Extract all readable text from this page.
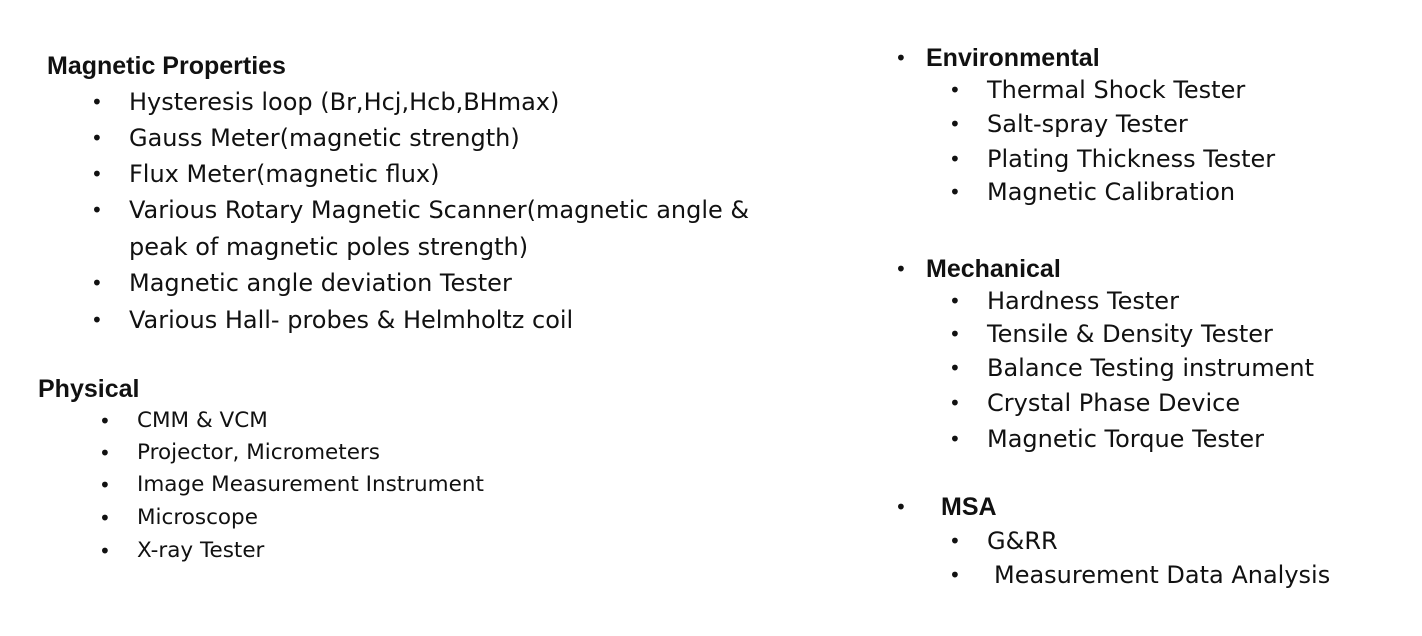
Magnetic Properties
• Hysteresis loop (Br,Hcj,Hcb,BHmax)
• Gauss Meter(magnetic strength)
• Flux Meter(magnetic flux)
• Various Rotary Magnetic Scanner(magnetic angle &
peak of magnetic poles strength)
• Magnetic angle deviation Tester
• Various Hall- probes & Helmholtz coil
Physical
• CMM & VCM
• Projector, Micrometers
• Image Measurement Instrument
• Microscope
• X-ray Tester
• Environmental
• Thermal Shock Tester
• Salt-spray Tester
• Plating Thickness Tester
• Magnetic Calibration
• Mechanical
• Hardness Tester
• Tensile & Density Tester
• Balance Testing instrument
• Crystal Phase Device
• Magnetic Torque Tester
• MSA
• G&RR
• Measurement Data Analysis
